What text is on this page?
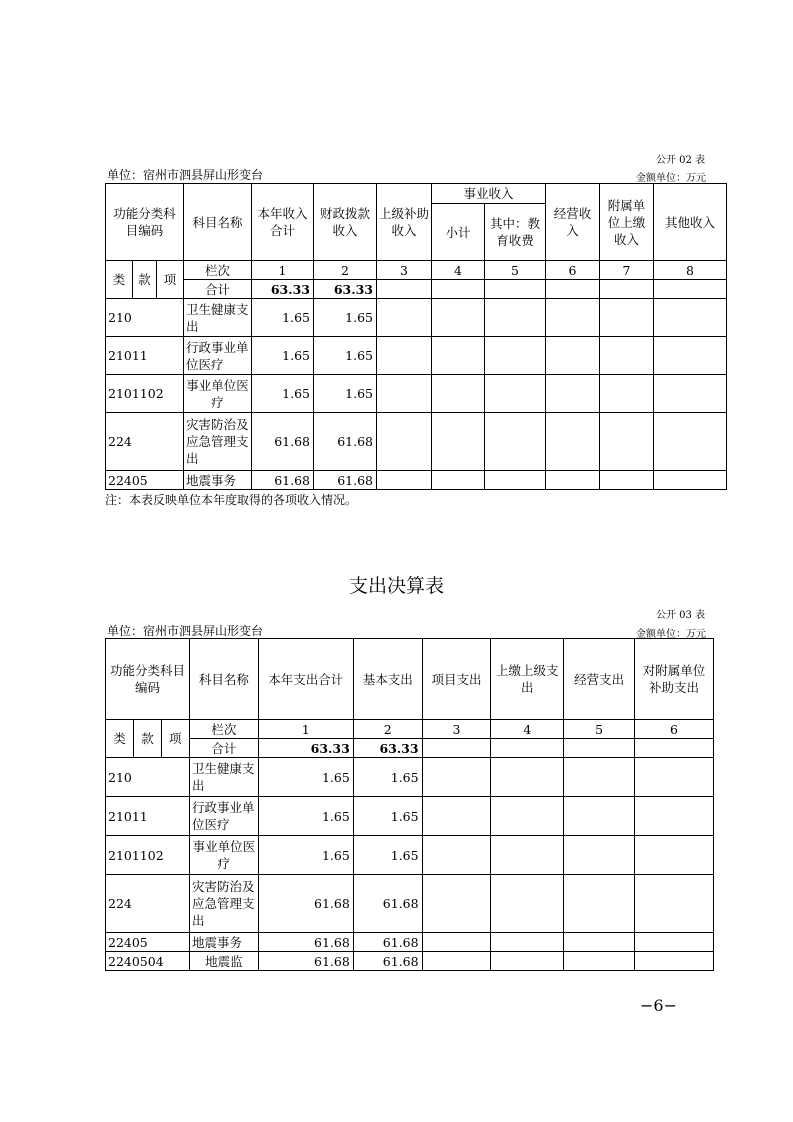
公开 02 表
单位：宿州市泗县屏山形变台	金额单位：万元
功能分类科目编码			科目名称	本年收入合计	财政拨款收入	上级补助收入	事业收入		经营收入	附属单位上缴收入	其他收入
							小计	其中：教育收费			
类	款	项	栏次	1	2	3	4	5	6	7	8
			合计	63.33	63.33						
210			卫生健康支出	1.65	1.65						
21011			行政事业单位医疗	1.65	1.65						
2101102			事业单位医疗	1.65	1.65						
224			灾害防治及应急管理支出	61.68	61.68						
22405			地震事务	61.68	61.68						
注：本表反映单位本年度取得的各项收入情况。
支出决算表
公开 03 表
单位：宿州市泗县屏山形变台	金额单位：万元
功能分类科目编码			科目名称	本年支出合计	基本支出	项目支出	上缴上级支出	经营支出	对附属单位补助支出
类	款	项	栏次	1	2	3	4	5	6
			合计	63.33	63.33				
210			卫生健康支出	1.65	1.65				
21011			行政事业单位医疗	1.65	1.65				
2101102			事业单位医疗	1.65	1.65				
224			灾害防治及应急管理支出	61.68	61.68				
22405			地震事务	61.68	61.68				
2240504			地震监	61.68	61.68				
−6−
